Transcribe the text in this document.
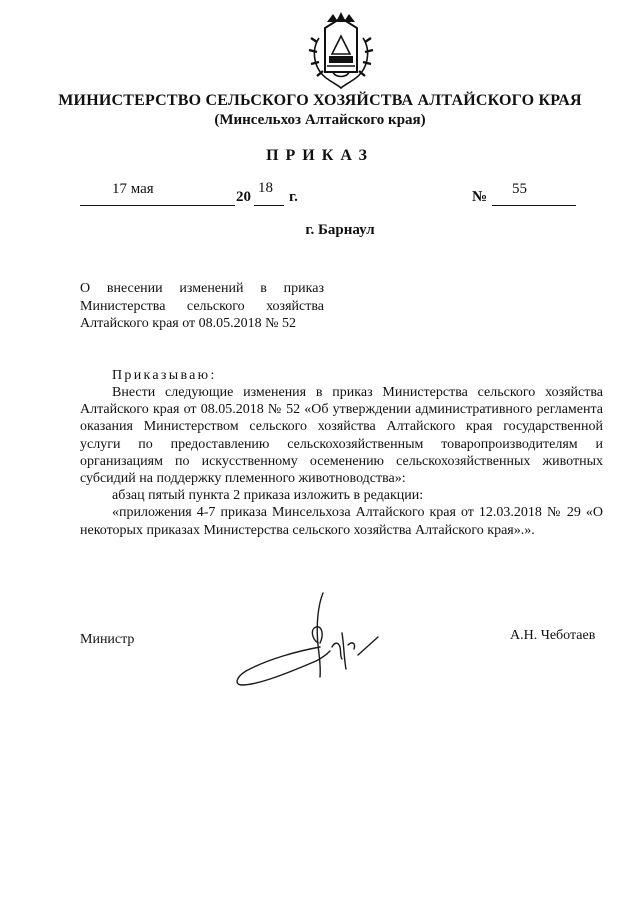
МИНИСТЕРСТВО СЕЛЬСКОГО ХОЗЯЙСТВА АЛТАЙСКОГО КРАЯ
(Минсельхоз Алтайского края)
ПРИКАЗ
17 мая	20
18
г.	№ 55
г. Барнаул
О внесении изменений в приказ
Министерства сельского хозяйства
Алтайского края от 08.05.2018 № 52
Приказываю:

Внести следующие изменения в приказ Министерства сельского хозяйства Алтайского края от 08.05.2018 № 52 «Об утверждении административного регламента оказания Министерством сельского хозяйства Алтайского края государственной услуги по предоставлению сельскохозяйственным товаропроизводителям и организациям по искусственному осеменению сельскохозяйственных животных субсидий на поддержку племенного животноводства»:

абзац пятый пункта 2 приказа изложить в редакции:

«приложения 4-7 приказа Минсельхоза Алтайского края от 12.03.2018 № 29 «О некоторых приказах Министерства сельского хозяйства Алтайского края».».

Министр	А.Н. Чеботаев
